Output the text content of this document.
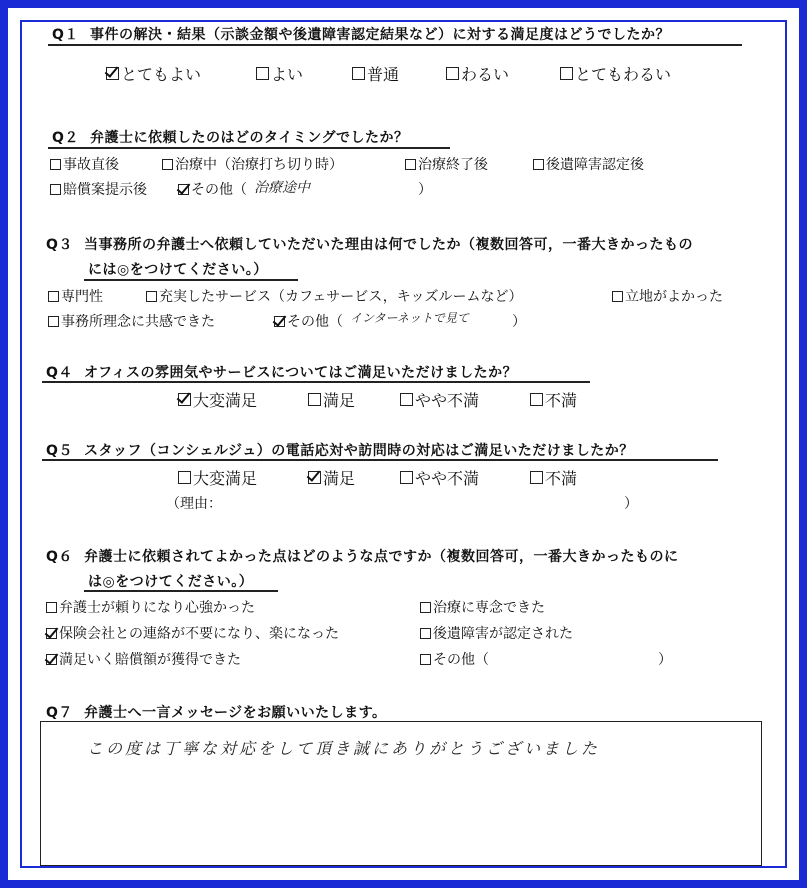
Q１ 事件の解決・結果（示談金額や後遺障害認定結果など）に対する満足度はどうでしたか？
とてもよい	よい	普通	わるい	とてもわるい
Q２ 弁護士に依頼したのはどのタイミングでしたか？
事故直後	治療中（治療打ち切り時）	治療終了後	後遺障害認定後
賠償案提示後	その他（ 治療途中	）
Q３ 当事務所の弁護士へ依頼していただいた理由は何でしたか（複数回答可，一番大きかったもの
には◎をつけてください。）
専門性	充実したサービス（カフェサービス，キッズルームなど）	立地がよかった
事務所理念に共感できた	その他（ インターネットで見て	）
Q４ オフィスの雰囲気やサービスについてはご満足いただけましたか？
大変満足	満足	やや不満	不満
Q５ スタッフ（コンシェルジュ）の電話応対や訪問時の対応はご満足いただけましたか？
大変満足	満足	やや不満	不満
（理由：	）
Q６ 弁護士に依頼されてよかった点はどのような点ですか（複数回答可，一番大きかったものに
は◎をつけてください。）
弁護士が頼りになり心強かった	治療に専念できた
保険会社との連絡が不要になり、楽になった	後遺障害が認定された
満足いく賠償額が獲得できた	その他（	）
Q７ 弁護士へ一言メッセージをお願いいたします。
この度は丁寧な対応をして頂き誠にありがとうございました
